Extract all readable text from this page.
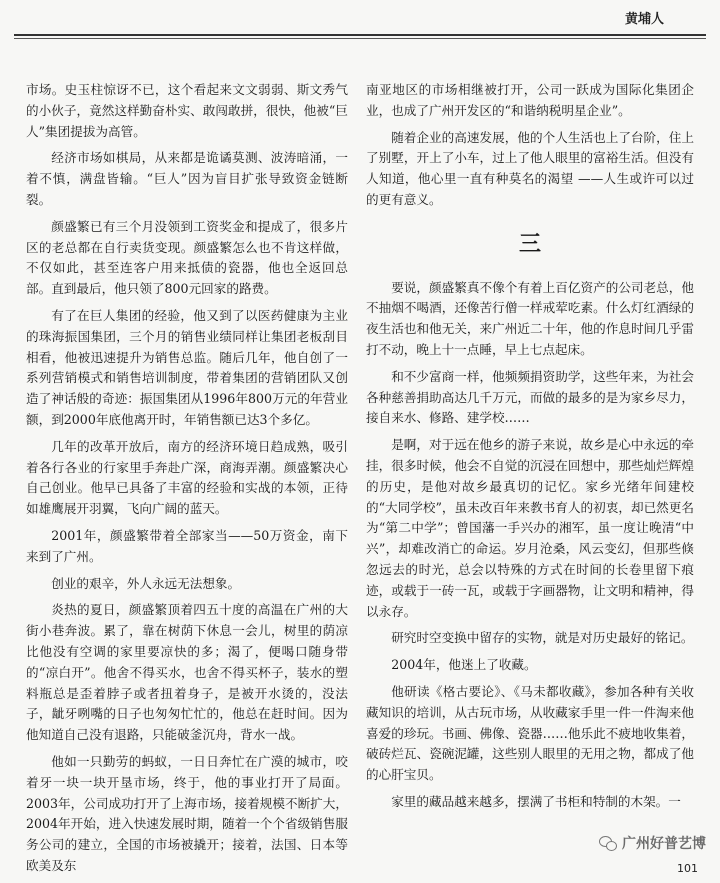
黄埔人

市场。史玉柱惊讶不已，这个看起来文文弱弱、斯文秀气的小伙子，竟然这样勤奋朴实、敢闯敢拼，很快，他被“巨人”集团提拔为高管。

经济市场如棋局，从来都是诡谲莫测、波涛暗涌，一着不慎，满盘皆输。“巨人”因为盲目扩张导致资金链断裂。

颜盛繁已有三个月没领到工资奖金和提成了，很多片区的老总都在自行卖货变现。颜盛繁怎么也不肯这样做，不仅如此，甚至连客户用来抵债的瓷器，他也全返回总部。直到最后，他只领了800元回家的路费。

有了在巨人集团的经验，他又到了以医药健康为主业的珠海振国集团，三个月的销售业绩同样让集团老板刮目相看，他被迅速提升为销售总监。随后几年，他自创了一系列营销模式和销售培训制度，带着集团的营销团队又创造了神话般的奇迹：振国集团从1996年800万元的年营业额，到2000年底他离开时，年销售额已达3个多亿。

几年的改革开放后，南方的经济环境日趋成熟，吸引着各行各业的行家里手奔赴广深，商海弄潮。颜盛繁决心自己创业。他早已具备了丰富的经验和实战的本领，正待如雄鹰展开羽翼，飞向广阔的蓝天。

2001年，颜盛繁带着全部家当——50万资金，南下来到了广州。

创业的艰辛，外人永远无法想象。

炎热的夏日，颜盛繁顶着四五十度的高温在广州的大街小巷奔波。累了，靠在树荫下休息一会儿，树里的荫凉比他没有空调的家里要凉快的多；渴了，便喝口随身带的“凉白开”。他舍不得买水，也舍不得买杯子，装水的塑料瓶总是歪着脖子或者扭着身子，是被开水烫的，没法子，龇牙咧嘴的日子也匆匆忙忙的，他总在赶时间。因为他知道自己没有退路，只能破釜沉舟，背水一战。

他如一只勤劳的蚂蚁，一日日奔忙在广漠的城市，咬着牙一块一块开垦市场，终于，他的事业打开了局面。2003年，公司成功打开了上海市场，接着规模不断扩大，2004年开始，进入快速发展时期，随着一个个省级销售服务公司的建立，全国的市场被撬开；接着，法国、日本等欧美及东

南亚地区的市场相继被打开，公司一跃成为国际化集团企业，也成了广州开发区的“和谐纳税明星企业”。

随着企业的高速发展，他的个人生活也上了台阶，住上了别墅，开上了小车，过上了他人眼里的富裕生活。但没有人知道，他心里一直有种莫名的渴望 ——人生或许可以过的更有意义。

三

要说，颜盛繁真不像个有着上百亿资产的公司老总，他不抽烟不喝酒，还像苦行僧一样戒荤吃素。什么灯红酒绿的夜生活也和他无关，来广州近二十年，他的作息时间几乎雷打不动，晚上十一点睡，早上七点起床。

和不少富商一样，他频频捐资助学，这些年来，为社会各种慈善捐助高达几千万元，而做的最多的是为家乡尽力，接自来水、修路、建学校……

是啊，对于远在他乡的游子来说，故乡是心中永远的牵挂，很多时候，他会不自觉的沉浸在回想中，那些灿烂辉煌的历史，是他对故乡最真切的记忆。家乡光绪年间建校的“大同学校”，虽未改百年来教书育人的初衷，却已然更名为“第二中学”；曾国藩一手兴办的湘军，虽一度让晚清“中兴”，却难改消亡的命运。岁月沧桑，风云变幻，但那些倏忽远去的时光，总会以特殊的方式在时间的长卷里留下痕迹，或载于一砖一瓦，或载于字画器物，让文明和精神，得以永存。

研究时空变换中留存的实物，就是对历史最好的铭记。

2004年，他迷上了收藏。

他研读《格古要论》、《马未都收藏》，参加各种有关收藏知识的培训，从古玩市场，从收藏家手里一件一件淘来他喜爱的珍玩。书画、佛像、瓷器……他乐此不疲地收集着，破砖烂瓦、瓷碗泥罐，这些别人眼里的无用之物，都成了他的心肝宝贝。

家里的藏品越来越多，摆满了书柜和特制的木架。一

广州好普艺博
101
